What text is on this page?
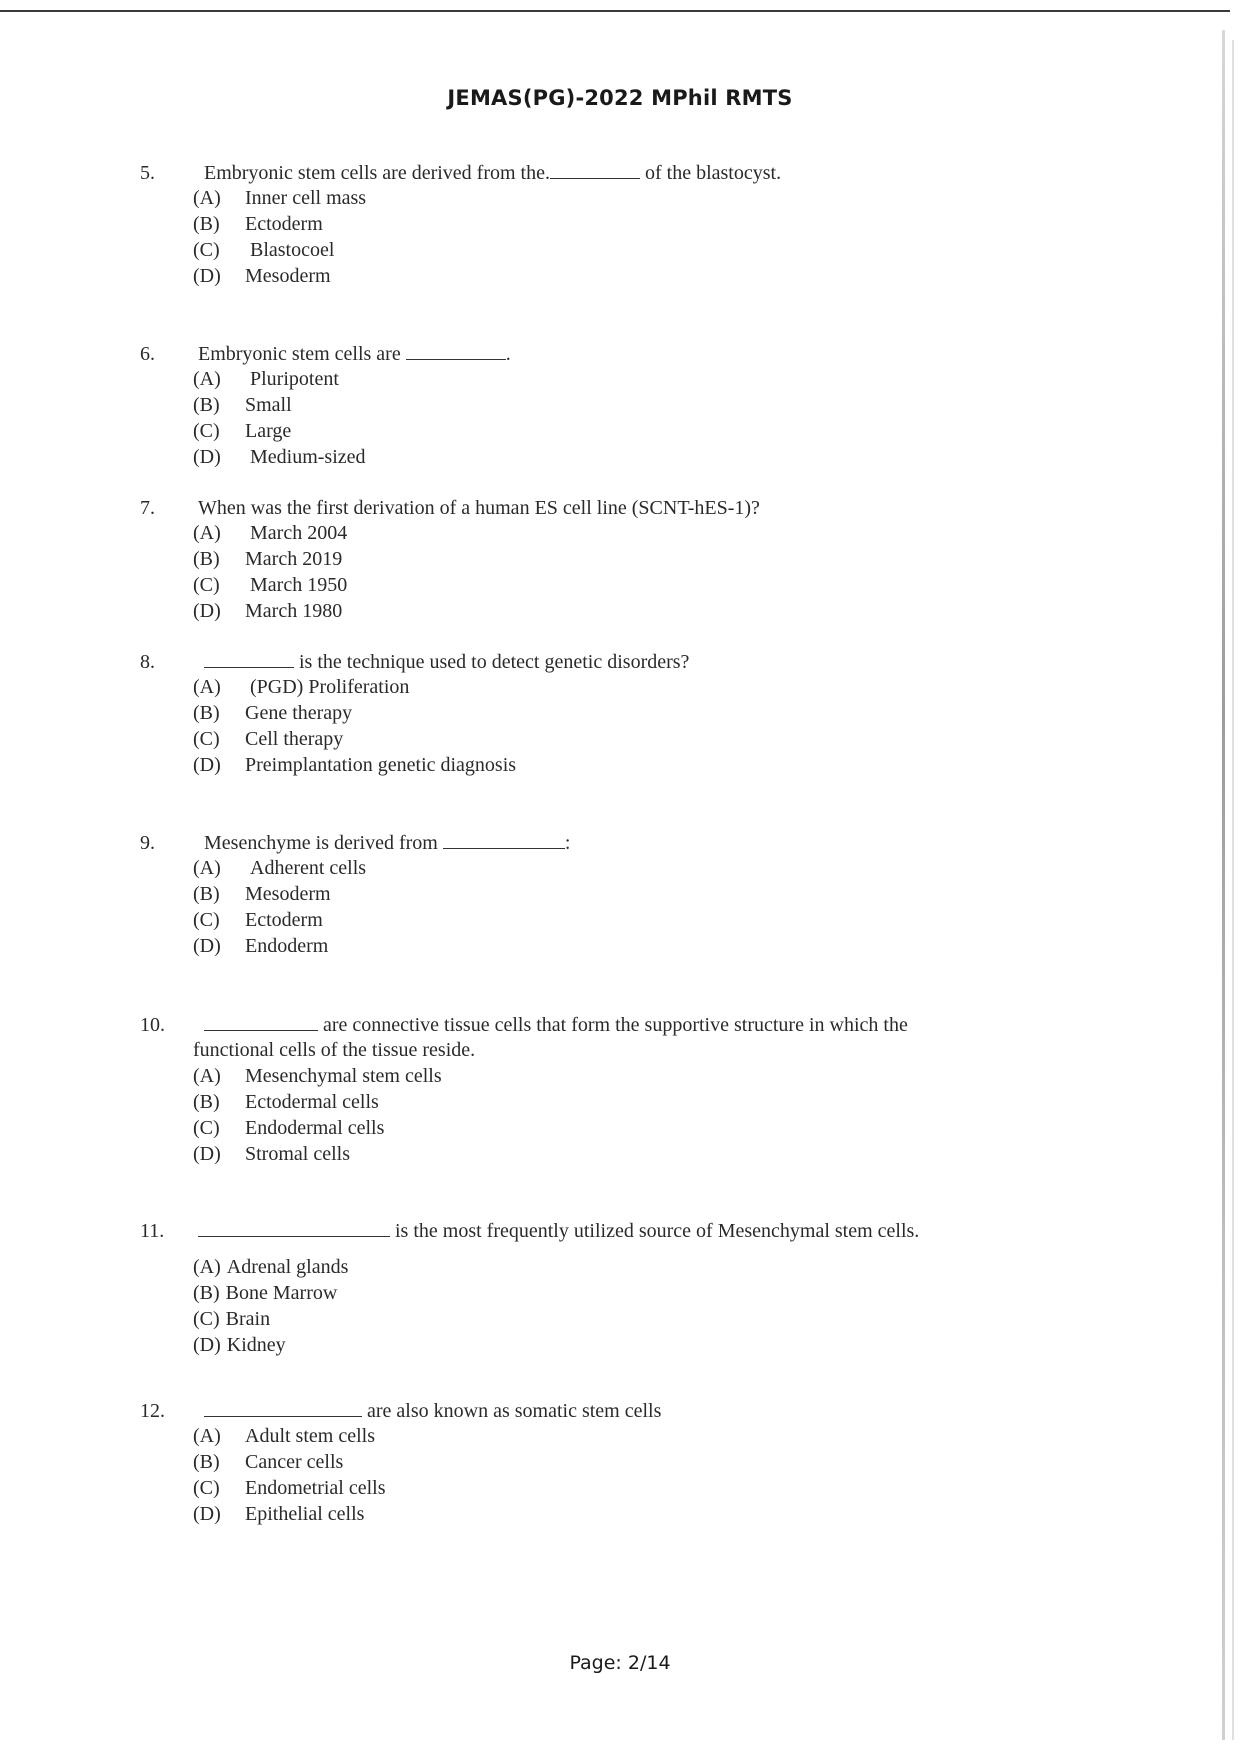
JEMAS(PG)-2022 MPhil RMTS
5. Embryonic stem cells are derived from the.	of the blastocyst.
(A) Inner cell mass
(B) Ectoderm
(C) Blastocoel
(D) Mesoderm
6. Embryonic stem cells are	.
(A) Pluripotent
(B) Small
(C) Large
(D) Medium-sized
7. When was the first derivation of a human ES cell line (SCNT-hES-1)?
(A) March 2004
(B) March 2019
(C) March 1950
(D) March 1980
8.	is the technique used to detect genetic disorders?
(A) (PGD) Proliferation
(B) Gene therapy
(C) Cell therapy
(D) Preimplantation genetic diagnosis
9. Mesenchyme is derived from	:
(A) Adherent cells
(B) Mesoderm
(C) Ectoderm
(D) Endoderm
10.	are connective tissue cells that form the supportive structure in which the
functional cells of the tissue reside.
(A) Mesenchymal stem cells
(B) Ectodermal cells
(C) Endodermal cells
(D) Stromal cells
11.	is the most frequently utilized source of Mesenchymal stem cells.
(A) Adrenal glands
(B) Bone Marrow
(C) Brain
(D) Kidney
12.	are also known as somatic stem cells
(A) Adult stem cells
(B) Cancer cells
(C) Endometrial cells
(D) Epithelial cells
Page: 2/14
